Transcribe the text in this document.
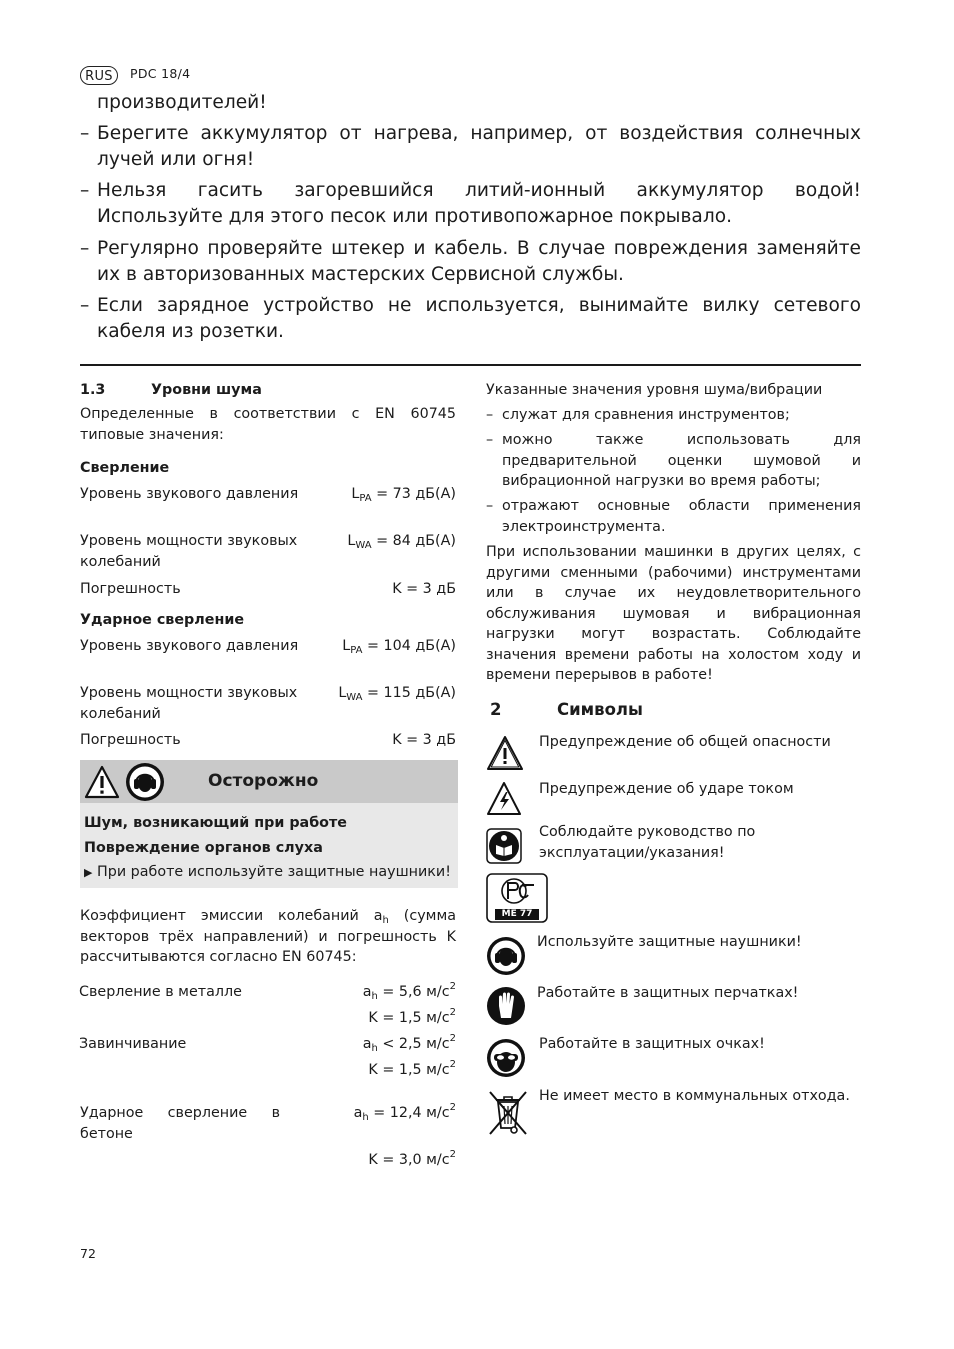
RUS	PDC 18/4
производителей!
– Берегите аккумулятор от нагрева, например, от воздействия солнечных лучей или огня!
– Нельзя гасить загоревшийся литий-ионный аккумулятор водой! Используйте для этого песок или противопожарное покрывало.
– Регулярно проверяйте штекер и кабель. В случае повреждения заменяйте их в авторизованных мастерских Сервисной службы.
– Если зарядное устройство не используется, вынимайте вилку сетевого кабеля из розетки.
1.3	Уровни шума
Определенные в соответствии с EN 60745 типовые значения:
Сверление
Уровень звукового давления	$L_{PA} = 73$ дБ(А)
Уровень мощности звуковых колебаний
$L_{WA} = 84$ дБ(А)
Погрешность	K = 3 дБ
Ударное сверление
Уровень звукового давления	$L_{PA} = 104$ дБ(А)
Уровень мощности звуковых колебаний
$L_{WA} = 115$ дБ(А)
Погрешность	K = 3 дБ
Осторожно
Шум, возникающий при работе
Повреждение органов слуха
▶ При работе используйте защитные наушники!
Коэффициент эмиссии колебаний $a_h$ (сумма векторов трёх направлений) и погрешность K рассчитываются согласно EN 60745:
Сверление в металле	$a_h = 5,6$ $м/с^2$
K = 1,5 $м/с^2$
Завинчивание	$a_h < 2,5$ $м/с^2$
K = 1,5 $м/с^2$
Ударное сверление в бетоне
$a_h = 12,4$ $м/с^2$
K = 3,0 $м/с^2$
Указанные значения уровня шума/вибрации
– служат для сравнения инструментов;
– можно также использовать для предварительной оценки шумовой и вибрационной нагрузки во время работы;
– отражают основные области применения электроинструмента.
При использовании машинки в других целях, с другими сменными (рабочими) инструментами или в случае их неудовлетворительного обслуживания шумовая и вибрационная нагрузки могут возрастать. Соблюдайте значения времени работы на холостом ходу и времени перерывов в работе!
2	Символы
Предупреждение об общей опасности
Предупреждение об ударе током
Соблюдайте руководство по эксплуатации/указания!
ME 77
Используйте защитные наушники!
Работайте в защитных перчатках!
Работайте в защитных очках!
Не имеет место в коммунальных отхода.
72
